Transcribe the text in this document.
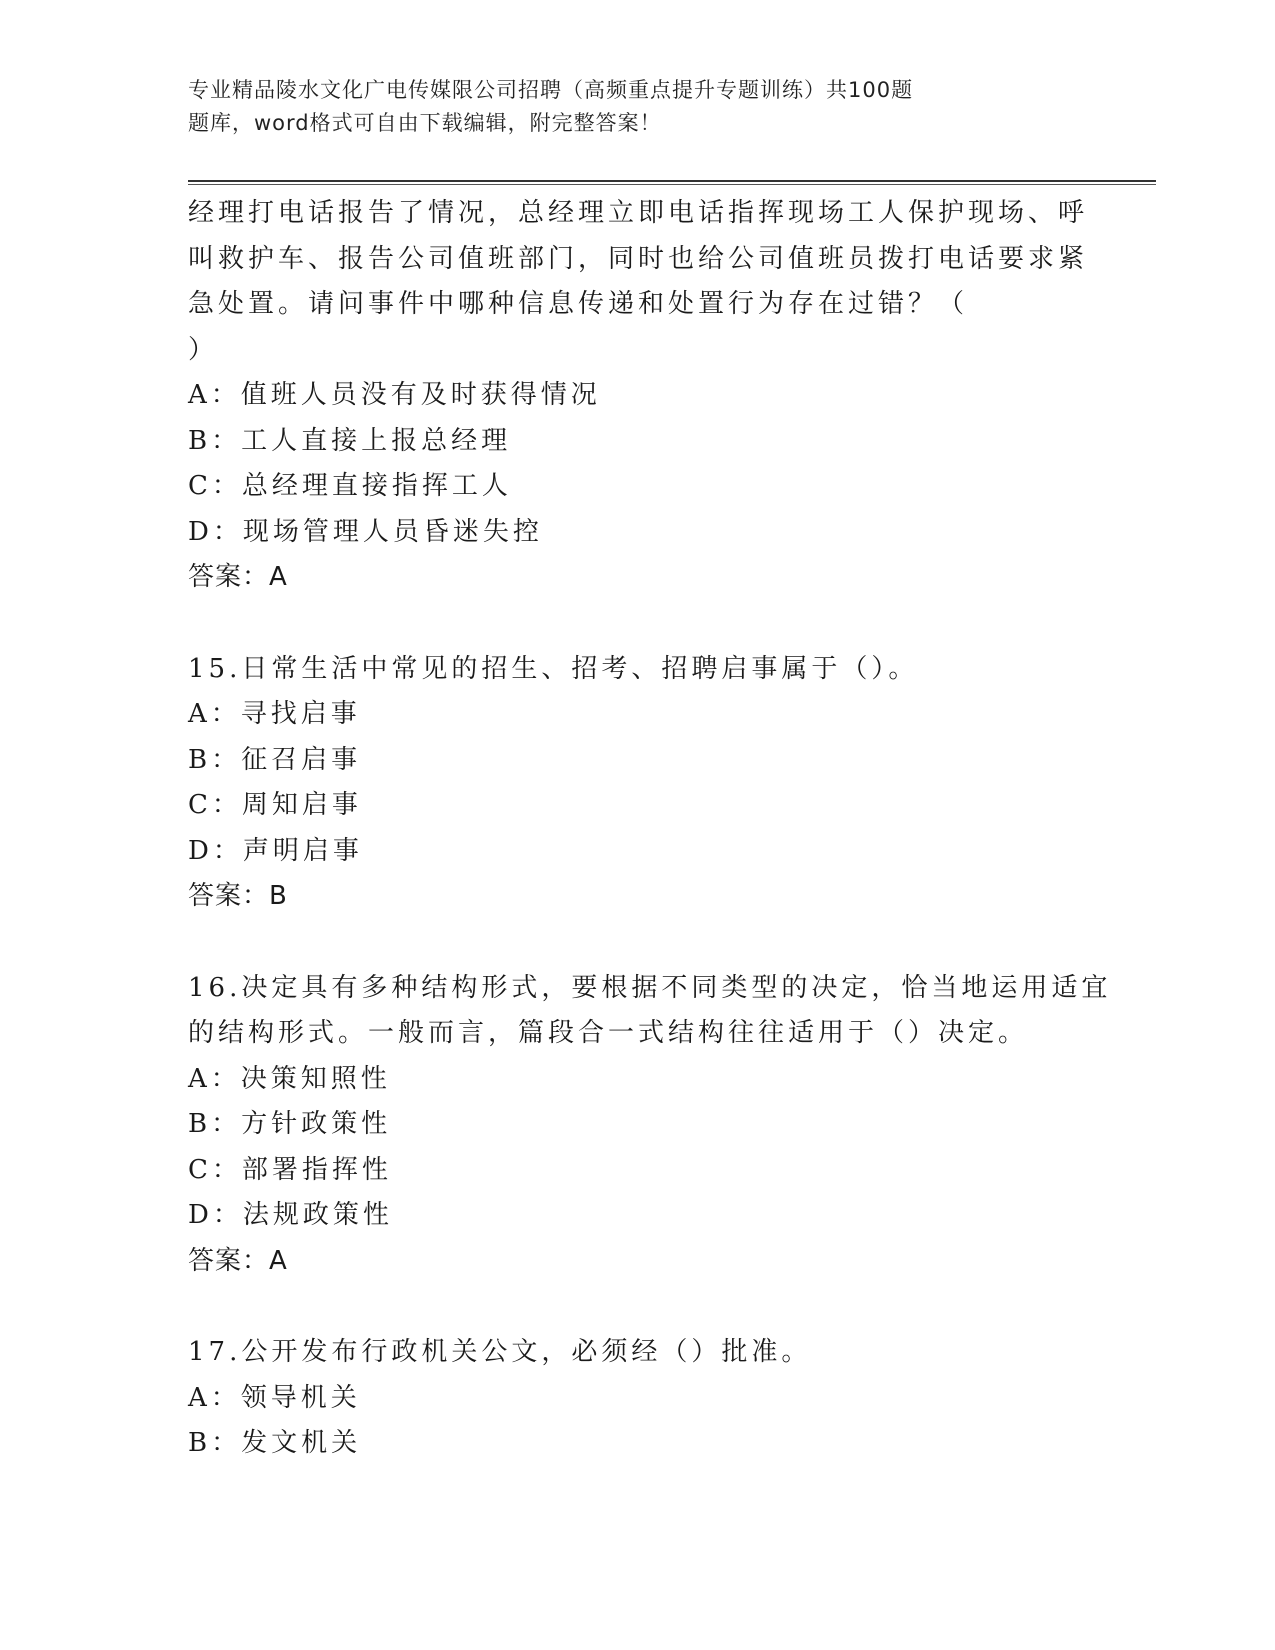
专业精品陵水文化广电传媒限公司招聘（高频重点提升专题训练）共100题
题库，word格式可自由下载编辑，附完整答案！
经理打电话报告了情况，总经理立即电话指挥现场工人保护现场、呼
叫救护车、报告公司值班部门，同时也给公司值班员拨打电话要求紧
急处置。请问事件中哪种信息传递和处置行为存在过错？（
）
A：值班人员没有及时获得情况
B：工人直接上报总经理
C：总经理直接指挥工人
D：现场管理人员昏迷失控
答案：A
15.日常生活中常见的招生、招考、招聘启事属于（）。
A：寻找启事
B：征召启事
C：周知启事
D：声明启事
答案：B
16.决定具有多种结构形式，要根据不同类型的决定，恰当地运用适宜
的结构形式。一般而言，篇段合一式结构往往适用于（）决定。
A：决策知照性
B：方针政策性
C：部署指挥性
D：法规政策性
答案：A
17.公开发布行政机关公文，必须经（）批准。
A：领导机关
B：发文机关
